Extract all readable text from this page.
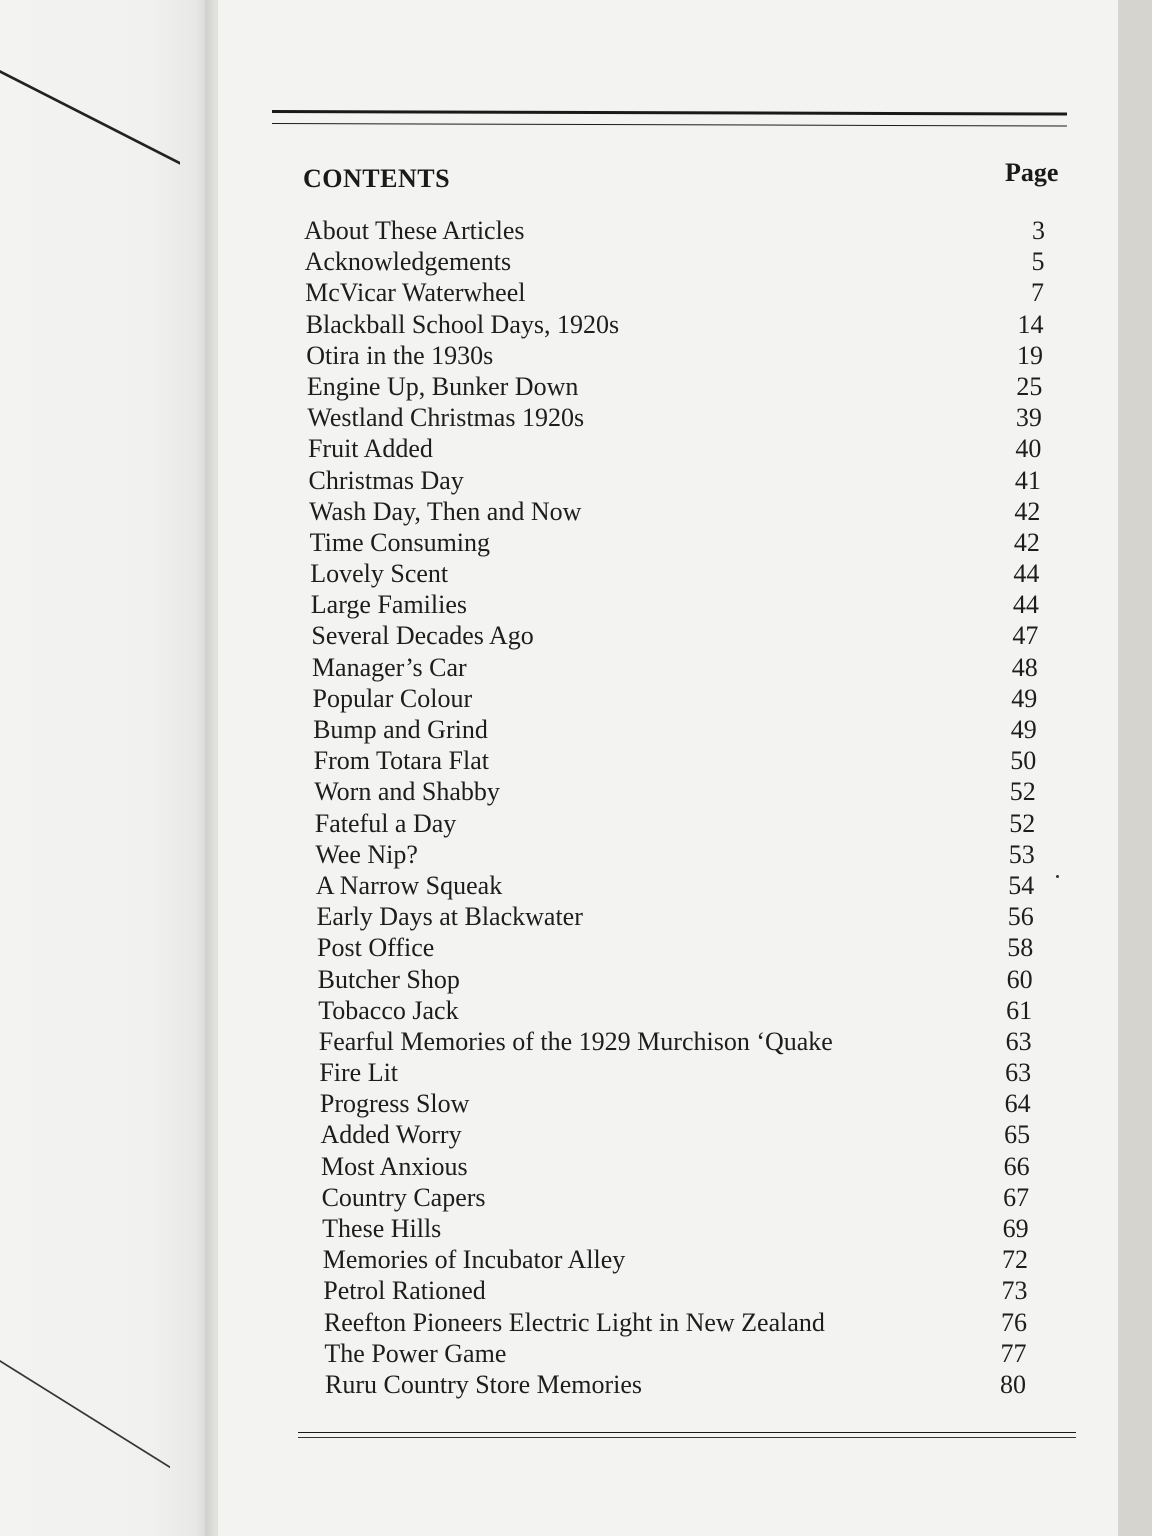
CONTENTS	Page
About These Articles	3
Acknowledgements	5
McVicar Waterwheel	7
Blackball School Days, 1920s	14
Otira in the 1930s	19
Engine Up, Bunker Down	25
Westland Christmas 1920s	39
Fruit Added	40
Christmas Day	41
Wash Day, Then and Now	42
Time Consuming	42
Lovely Scent	44
Large Families	44
Several Decades Ago	47
Manager’s Car	48
Popular Colour	49
Bump and Grind	49
From Totara Flat	50
Worn and Shabby	52
Fateful a Day	52
Wee Nip?	53
A Narrow Squeak	54
Early Days at Blackwater	56
Post Office	58
Butcher Shop	60
Tobacco Jack	61
Fearful Memories of the 1929 Murchison ‘Quake	63
Fire Lit	63
Progress Slow	64
Added Worry	65
Most Anxious	66
Country Capers	67
These Hills	69
Memories of Incubator Alley	72
Petrol Rationed	73
Reefton Pioneers Electric Light in New Zealand	76
The Power Game	77
Ruru Country Store Memories	80
